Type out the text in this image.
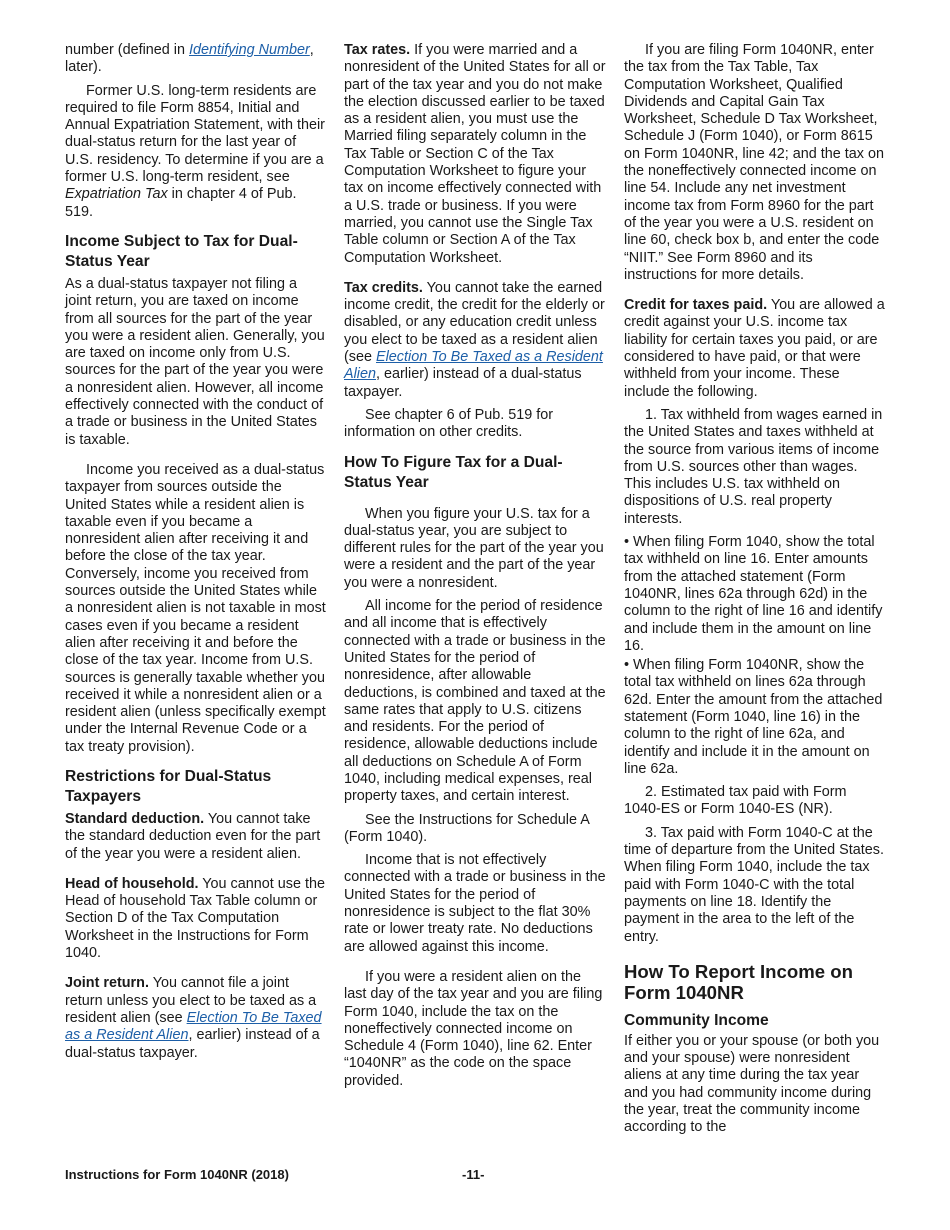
number (defined in Identifying Number, later).

Former U.S. long-term residents are required to file Form 8854, Initial and Annual Expatriation Statement, with their dual-status return for the last year of U.S. residency. To determine if you are a former U.S. long-term resident, see Expatriation Tax in chapter 4 of Pub. 519.

Income Subject to Tax for Dual-Status Year

As a dual-status taxpayer not filing a joint return, you are taxed on income from all sources for the part of the year you were a resident alien. Generally, you are taxed on income only from U.S. sources for the part of the year you were a nonresident alien. However, all income effectively connected with the conduct of a trade or business in the United States is taxable.

Income you received as a dual-status taxpayer from sources outside the United States while a resident alien is taxable even if you became a nonresident alien after receiving it and before the close of the tax year. Conversely, income you received from sources outside the United States while a nonresident alien is not taxable in most cases even if you became a resident alien after receiving it and before the close of the tax year. Income from U.S. sources is generally taxable whether you received it while a nonresident alien or a resident alien (unless specifically exempt under the Internal Revenue Code or a tax treaty provision).

Restrictions for Dual-Status Taxpayers

Standard deduction. You cannot take the standard deduction even for the part of the year you were a resident alien.

Head of household. You cannot use the Head of household Tax Table column or Section D of the Tax Computation Worksheet in the Instructions for Form 1040.

Joint return. You cannot file a joint return unless you elect to be taxed as a resident alien (see Election To Be Taxed as a Resident Alien, earlier) instead of a dual-status taxpayer.

Tax rates. If you were married and a nonresident of the United States for all or part of the tax year and you do not make the election discussed earlier to be taxed as a resident alien, you must use the Married filing separately column in the Tax Table or Section C of the Tax Computation Worksheet to figure your tax on income effectively connected with a U.S. trade or business. If you were married, you cannot use the Single Tax Table column or Section A of the Tax Computation Worksheet.

Tax credits. You cannot take the earned income credit, the credit for the elderly or disabled, or any education credit unless you elect to be taxed as a resident alien (see Election To Be Taxed as a Resident Alien, earlier) instead of a dual-status taxpayer.

See chapter 6 of Pub. 519 for information on other credits.

How To Figure Tax for a Dual-Status Year

When you figure your U.S. tax for a dual-status year, you are subject to different rules for the part of the year you were a resident and the part of the year you were a nonresident.

All income for the period of residence and all income that is effectively connected with a trade or business in the United States for the period of nonresidence, after allowable deductions, is combined and taxed at the same rates that apply to U.S. citizens and residents. For the period of residence, allowable deductions include all deductions on Schedule A of Form 1040, including medical expenses, real property taxes, and certain interest.

See the Instructions for Schedule A (Form 1040).

Income that is not effectively connected with a trade or business in the United States for the period of nonresidence is subject to the flat 30% rate or lower treaty rate. No deductions are allowed against this income.

If you were a resident alien on the last day of the tax year and you are filing Form 1040, include the tax on the noneffectively connected income on Schedule 4 (Form 1040), line 62. Enter “1040NR” as the code on the space provided.

If you are filing Form 1040NR, enter the tax from the Tax Table, Tax Computation Worksheet, Qualified Dividends and Capital Gain Tax Worksheet, Schedule D Tax Worksheet, Schedule J (Form 1040), or Form 8615 on Form 1040NR, line 42; and the tax on the noneffectively connected income on line 54. Include any net investment income tax from Form 8960 for the part of the year you were a U.S. resident on line 60, check box b, and enter the code “NIIT.” See Form 8960 and its instructions for more details.

Credit for taxes paid. You are allowed a credit against your U.S. income tax liability for certain taxes you paid, or are considered to have paid, or that were withheld from your income. These include the following.

1. Tax withheld from wages earned in the United States and taxes withheld at the source from various items of income from U.S. sources other than wages. This includes U.S. tax withheld on dispositions of U.S. real property interests.

• When filing Form 1040, show the total tax withheld on line 16. Enter amounts from the attached statement (Form 1040NR, lines 62a through 62d) in the column to the right of line 16 and identify and include them in the amount on line 16.

• When filing Form 1040NR, show the total tax withheld on lines 62a through 62d. Enter the amount from the attached statement (Form 1040, line 16) in the column to the right of line 62a, and identify and include it in the amount on line 62a.

2. Estimated tax paid with Form 1040-ES or Form 1040-ES (NR).

3. Tax paid with Form 1040-C at the time of departure from the United States. When filing Form 1040, include the tax paid with Form 1040-C with the total payments on line 18. Identify the payment in the area to the left of the entry.

How To Report Income on Form 1040NR
Community Income

If either you or your spouse (or both you and your spouse) were nonresident aliens at any time during the tax year and you had community income during the year, treat the community income according to the

Instructions for Form 1040NR (2018)	-11-
